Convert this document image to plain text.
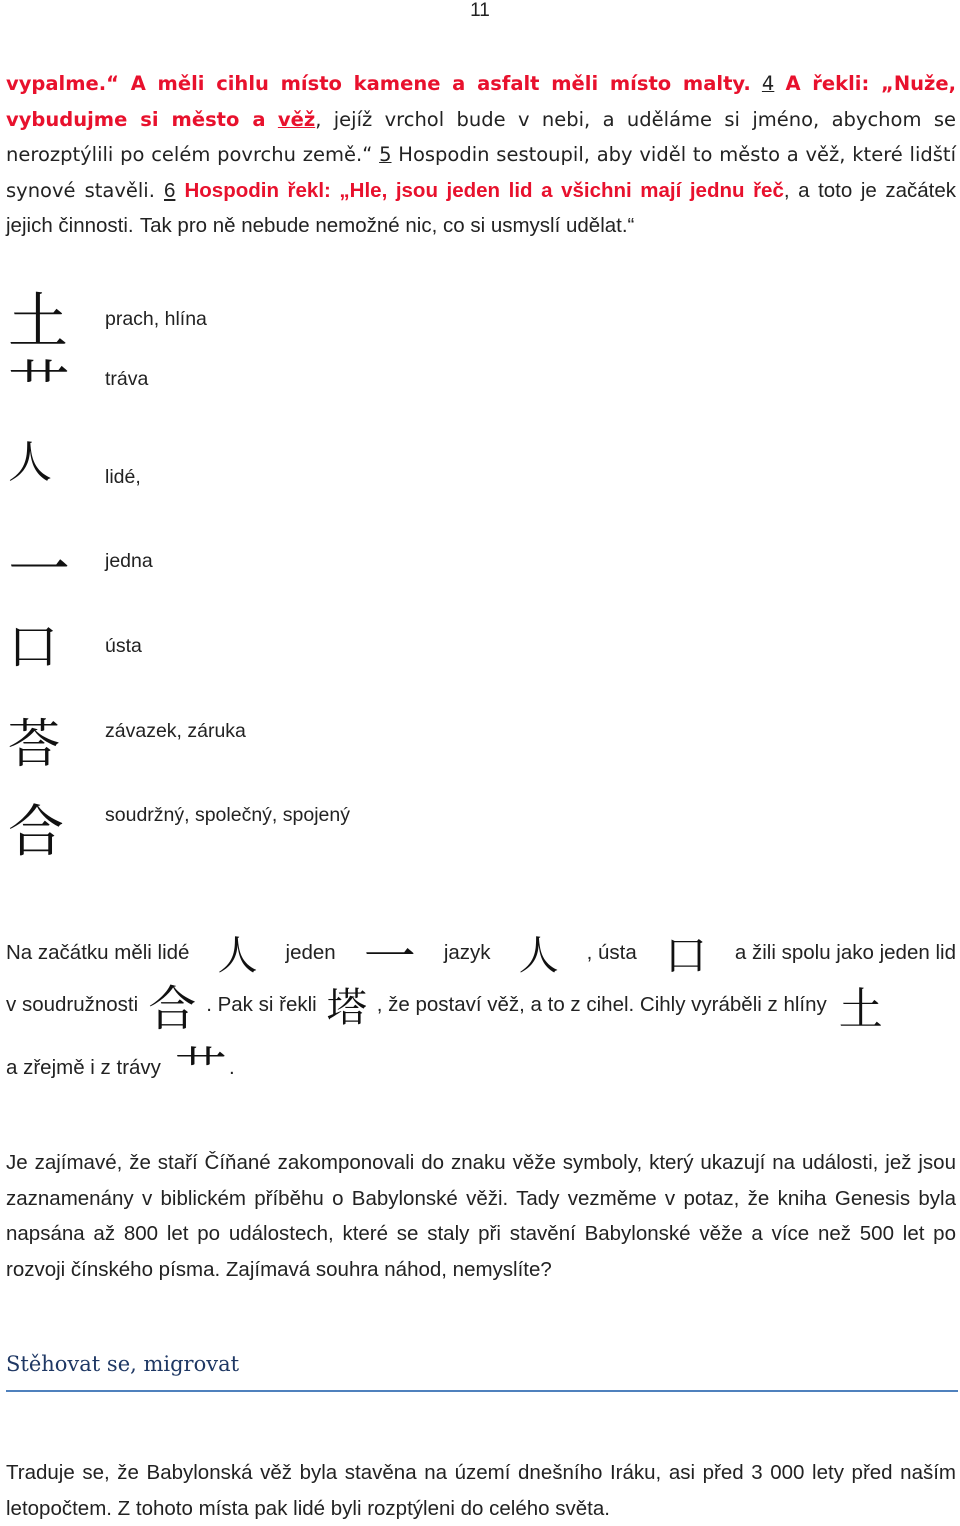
11
vypalme.“ A měli cihlu místo kamene a asfalt měli místo malty. 4 A řekli: „Nuže, vybudujme si město a věž, jejíž vrchol bude v nebi, a uděláme si jméno, abychom se nerozptýlili po celém povrchu země.“ 5 Hospodin sestoupil, aby viděl to město a věž, které lidští synové stavěli. 6 Hospodin řekl: „Hle, jsou jeden lid a všichni mají jednu řeč, a toto je začátek jejich činnosti. Tak pro ně nebude nemožné nic, co si usmyslí udělat.“
土 prach, hlína
艹 tráva
人	lidé,
一 jedna
口 ústa
荅 závazek, záruka
合 soudržný, společný, spojený
Na začátku měli lidé 人 jeden 一 jazyk 人 , ústa 口 a žili spolu jako jeden lid
v soudružnosti 合 . Pak si řekli 塔 , že postaví věž, a to z cihel. Cihly vyráběli z hlíny 土
a zřejmě i z trávy 艹 .
Je zajímavé, že staří Číňané zakomponovali do znaku věže symboly, který ukazují na události, jež jsou zaznamenány v biblickém příběhu o Babylonské věži. Tady vezměme v potaz, že kniha Genesis byla napsána až 800 let po událostech, které se staly při stavění Babylonské věže a více než 500 let po rozvoji čínského písma. Zajímavá souhra náhod, nemyslíte?
Stěhovat se, migrovat
Traduje se, že Babylonská věž byla stavěna na území dnešního Iráku, asi před 3 000 lety před naším letopočtem. Z tohoto místa pak lidé byli rozptýleni do celého světa.
